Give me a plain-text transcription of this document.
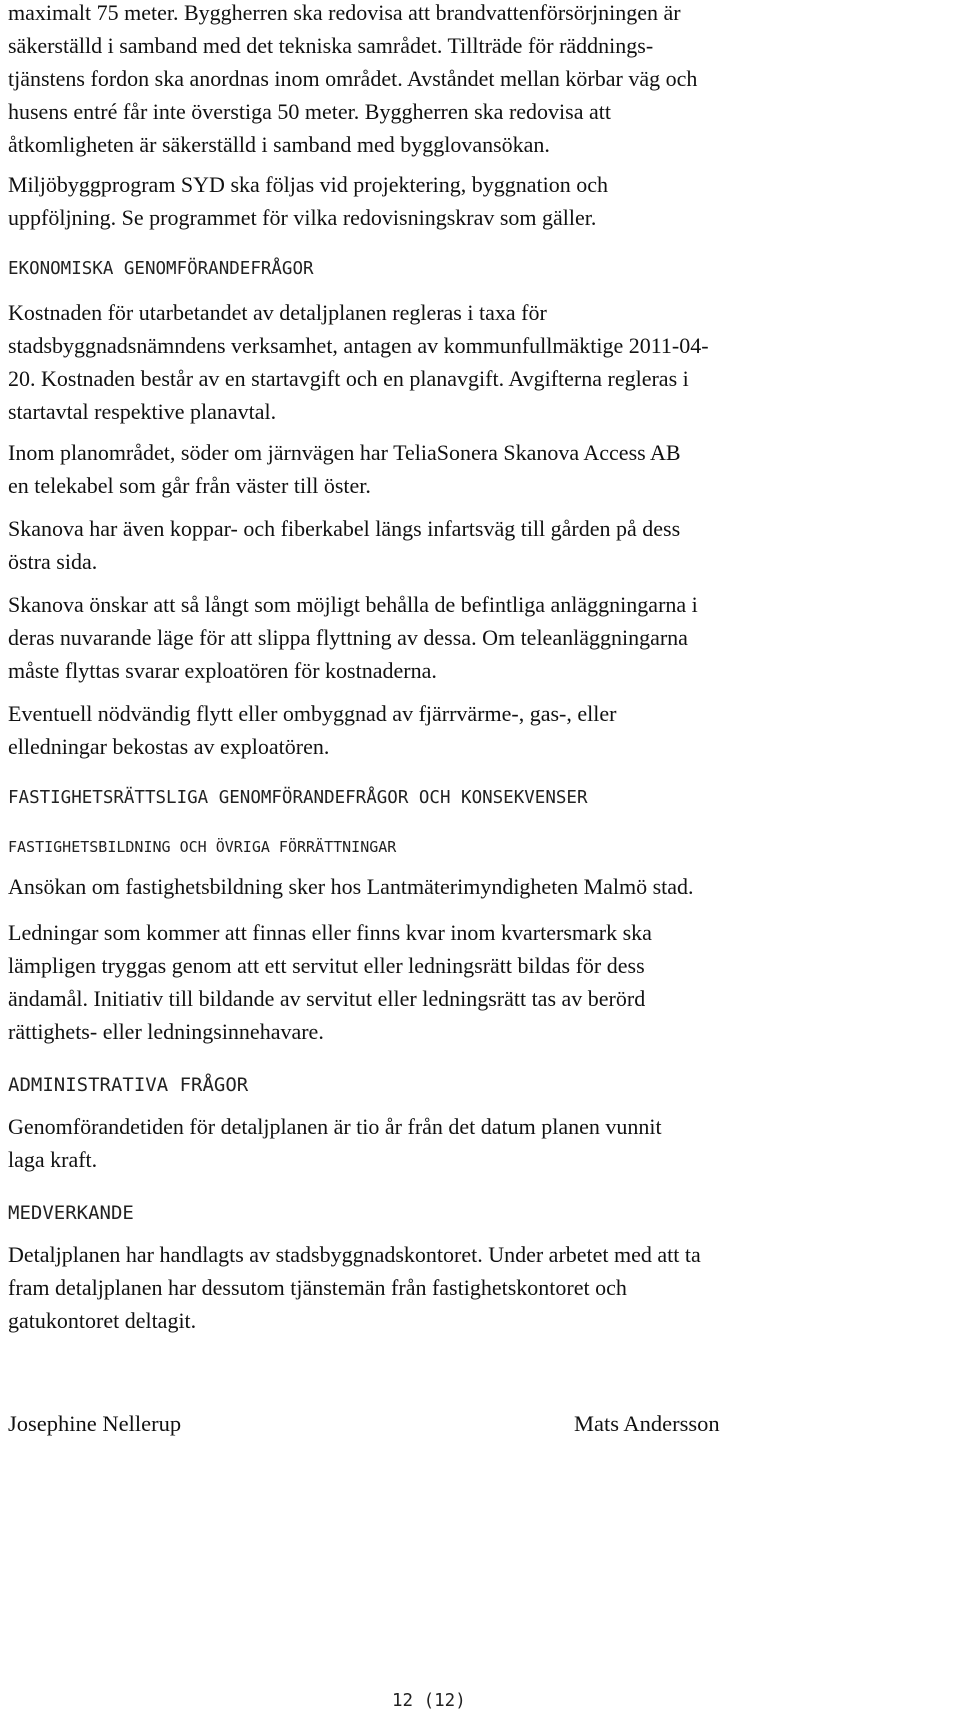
maximalt 75 meter. Byggherren ska redovisa att brandvattenförsörjningen är
säkerställd i samband med det tekniska samrådet. Tillträde för räddnings-
tjänstens fordon ska anordnas inom området. Avståndet mellan körbar väg och
husens entré får inte överstiga 50 meter. Byggherren ska redovisa att
åtkomligheten är säkerställd i samband med bygglovansökan.

Miljöbyggprogram SYD ska följas vid projektering, byggnation och
uppföljning. Se programmet för vilka redovisningskrav som gäller.

EKONOMISKA GENOMFÖRANDEFRÅGOR

Kostnaden för utarbetandet av detaljplanen regleras i taxa för
stadsbyggnadsnämndens verksamhet, antagen av kommunfullmäktige 2011-04-
20. Kostnaden består av en startavgift och en planavgift. Avgifterna regleras i
startavtal respektive planavtal.

Inom planområdet, söder om järnvägen har TeliaSonera Skanova Access AB
en telekabel som går från väster till öster.

Skanova har även koppar- och fiberkabel längs infartsväg till gården på dess
östra sida.

Skanova önskar att så långt som möjligt behålla de befintliga anläggningarna i
deras nuvarande läge för att slippa flyttning av dessa. Om teleanläggningarna
måste flyttas svarar exploatören för kostnaderna.

Eventuell nödvändig flytt eller ombyggnad av fjärrvärme-, gas-, eller
elledningar bekostas av exploatören.

FASTIGHETSRÄTTSLIGA GENOMFÖRANDEFRÅGOR OCH KONSEKVENSER
FASTIGHETSBILDNING OCH ÖVRIGA FÖRRÄTTNINGAR

Ansökan om fastighetsbildning sker hos Lantmäterimyndigheten Malmö stad.

Ledningar som kommer att finnas eller finns kvar inom kvartersmark ska
lämpligen tryggas genom att ett servitut eller ledningsrätt bildas för dess
ändamål. Initiativ till bildande av servitut eller ledningsrätt tas av berörd
rättighets- eller ledningsinnehavare.

ADMINISTRATIVA FRÅGOR

Genomförandetiden för detaljplanen är tio år från det datum planen vunnit
laga kraft.

MEDVERKANDE

Detaljplanen har handlagts av stadsbyggnadskontoret. Under arbetet med att ta
fram detaljplanen har dessutom tjänstemän från fastighetskontoret och
gatukontoret deltagit.

Josephine Nellerup	Mats Andersson
12 (12)
